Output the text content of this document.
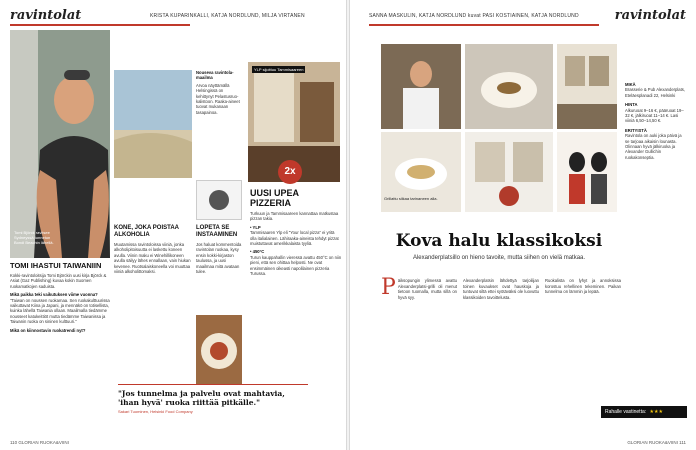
ravintolat	KRISTA KUPARINKALLI, KATJA NORDLUND, MILJA VIRTANEN
Tomi Björck ravitsee Sydneyssä tunnetun Bondi Beachin lähellä.
TOMI IHASTUI TAIWANIIN
Kokki-ravintoloitsija Tomi Björckin uusi kirja Björck & Asiat (Gaz Publishing) kuvaa kokin Suomen ruokamatkojen saduista.
Mikä paikka teki vaikutuksen viime vuonna?
"Taiwan on noussen ruokamaa. Sen ruokakulttuurissa vaikuttavat Kiina ja Japani, ja mennäkö on totisellista, kuinka lähellä Taiwania ollaan. Maailmalla tiedämme nousseet katukeittiöt mutta tiedämme Taiwanissa ja Taiwanin ruoka on sininen kulttuuri."
Mikä on kiinnostavin ruokatrendi nyt?
Nouseva ravintola-maailma
Arvoa näyttämällä Helsingissä on kehittynyt Pelastusruo-kalistoon. Raaka-aineet tuovat mukanaan tasapainoa.
KONE, JOKA POISTAA ALKOHOLIA
Muutamissa ravintoloissa viiniä, jonka alkoholipitoisuutta ei laskettu koneen avulla. Viinin maku ei Winehillikoneen avulla säilyy lähes ennallaan, vain hiukan kevenee. Ruotsalaiskoneella voi muuttaa viiniä alkoholittomaksi.
LOPETA SE INSTAAMINEN
Jos haluat kommentoida ravintolan ruokaa, kysy ensin kokki-kirjaston taulussa, ja uusi maailmaa mitä avataan tulee.
YLP sijoittuu Tammisaareen
2x
UUSI UPEA PIZZERIA
Turkuun ja Tammisaareen kannattaa matkustaa pizzan takia.
• YLP
Tammisaaren Ylp eli "Your local pizza" ei yritä olla italialainen. Lähiraaka-aineista tehdyt pizzat muistuttavat amerikkalaista tyyliä.
• 450°C
Turun kauppahallin vieressä avattu 450°C on niin pieni, että sen ohittaa helposti. Ne ovat ensimmäinen oikeasti napolilainen pizzeria Turussa.
"Jos tunnelma ja palvelu ovat mahtavia, 'ihan hyvä' ruoka riittää pitkälle."
Sakari Tuominen, Helsinki Food Company
110 GLORIAN RUOKA&VIINI
SANNA MASKULIN, KATJA NORDLUND kuvat PASI KOSTIAINEN, KATJA NORDLUND	ravintolat
Grillattu siikaa tarinaneen alla.
MIKÄ
Brasserie & Pub Alexanderplats, Eteläesplanadi 22, Helsinki
HINTA
Alkuruoat 9–16 €, pääruoat 19–32 €, jälkiruoat 11–14 €. Lasi viiniä 6,50–14,50 €.
ERITYISTÄ
Ravintola on auki joka päivä ja se tarjoaa aikaisin lounasta. Olinnaan hyvä jälkiruoka ja Alexander Gullichin ruokakonseptia.
Kova halu klassikoksi
Alexanderplatsillo on hieno tavoite, mutta siihen on vielä matkaa.
P äiksopungin ylimessä avattu Alexanderplatsi-grilli oli menut tietoon tuomalla, mutta sillä on hyvä syy.
Alexanderplatsin lähdettyä tarjoilijan toinen kuvaukset ovat hauskoja ja tuntuvat siltä ettei syötäväksi ole luovuttu klassikoiden tavoittelusta.
Ruokalista on lyhyt ja annoksissa korostuu rehellinen tekeminen. Paikan tunnelma on lämmin ja lepää.
Rahalle vastinetta: ★★★
GLORIAN RUOKA&VIINI 111
